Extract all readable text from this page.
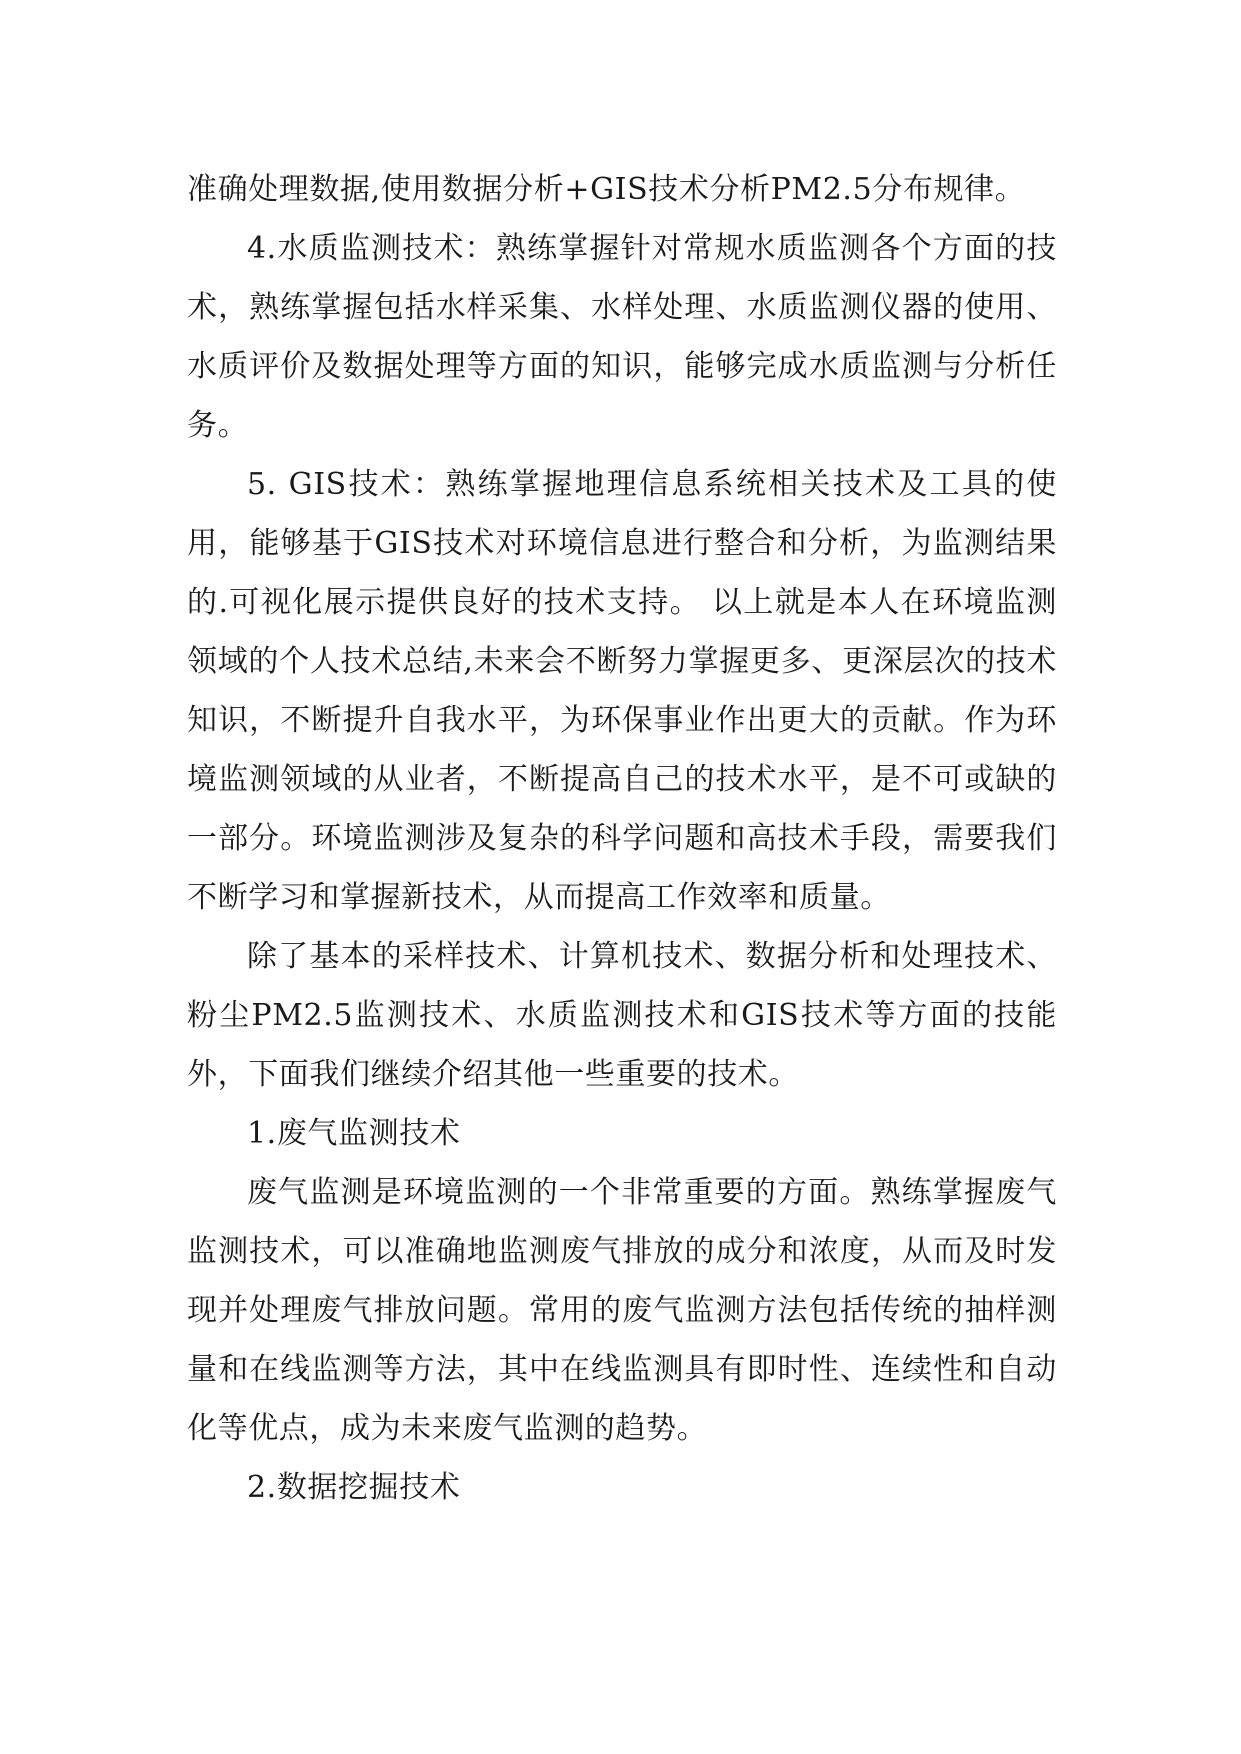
准确处理数据,使用数据分析+GIS技术分析PM2.5分布规律。

4.水质监测技术：熟练掌握针对常规水质监测各个方面的技术，熟练掌握包括水样采集、水样处理、水质监测仪器的使用、水质评价及数据处理等方面的知识，能够完成水质监测与分析任务。

5. GIS技术：熟练掌握地理信息系统相关技术及工具的使用，能够基于GIS技术对环境信息进行整合和分析，为监测结果的.可视化展示提供良好的技术支持。 以上就是本人在环境监测领域的个人技术总结,未来会不断努力掌握更多、更深层次的技术知识，不断提升自我水平，为环保事业作出更大的贡献。作为环境监测领域的从业者，不断提高自己的技术水平，是不可或缺的一部分。环境监测涉及复杂的科学问题和高技术手段，需要我们不断学习和掌握新技术，从而提高工作效率和质量。

除了基本的采样技术、计算机技术、数据分析和处理技术、粉尘PM2.5监测技术、水质监测技术和GIS技术等方面的技能外，下面我们继续介绍其他一些重要的技术。

1.废气监测技术

废气监测是环境监测的一个非常重要的方面。熟练掌握废气监测技术，可以准确地监测废气排放的成分和浓度，从而及时发现并处理废气排放问题。常用的废气监测方法包括传统的抽样测量和在线监测等方法，其中在线监测具有即时性、连续性和自动化等优点，成为未来废气监测的趋势。

2.数据挖掘技术
